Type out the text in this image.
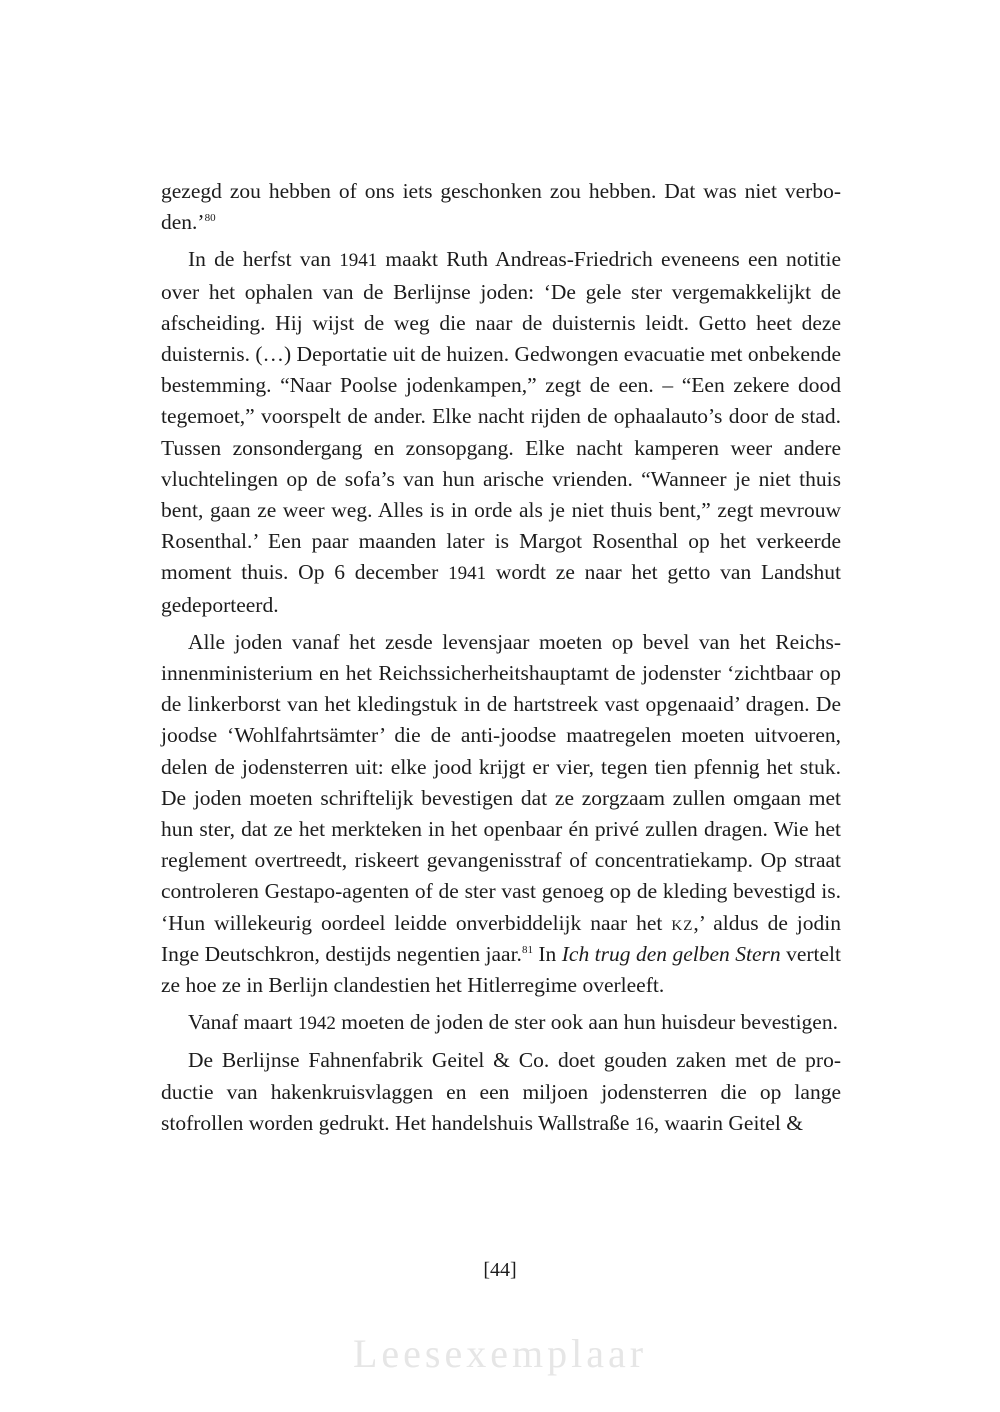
Leesexemplaar

gezegd zou hebben of ons iets geschonken zou hebben. Dat was niet verboden.’$^{80}$

In de herfst van 1941 maakt Ruth Andreas-Friedrich eveneens een notitie over het ophalen van de Berlijnse joden: ‘De gele ster vergemakkelijkt de afscheiding. Hij wijst de weg die naar de duisternis leidt. Getto heet deze duisternis. (…) Deportatie uit de huizen. Gedwongen evacuatie met onbekende bestemming. “Naar Poolse jodenkampen,” zegt de een. – “Een zekere dood tegemoet,” voorspelt de ander. Elke nacht rijden de ophaalauto’s door de stad. Tussen zonsondergang en zonsopgang. Elke nacht kamperen weer andere vluchtelingen op de sofa’s van hun arische vrienden. “Wanneer je niet thuis bent, gaan ze weer weg. Alles is in orde als je niet thuis bent,” zegt mevrouw Rosenthal.’ Een paar maanden later is Margot Rosenthal op het verkeerde moment thuis. Op 6 december 1941 wordt ze naar het getto van Landshut gedeporteerd.

Alle joden vanaf het zesde levensjaar moeten op bevel van het Reichsinnenministerium en het Reichssicherheitshauptamt de jodenster ‘zichtbaar op de linkerborst van het kledingstuk in de hartstreek vast opgenaaid’ dragen. De joodse ‘Wohlfahrtsämter’ die de anti-joodse maatregelen moeten uitvoeren, delen de jodensterren uit: elke jood krijgt er vier, tegen tien pfennig het stuk. De joden moeten schriftelijk bevestigen dat ze zorgzaam zullen omgaan met hun ster, dat ze het merkteken in het openbaar én privé zullen dragen. Wie het reglement overtreedt, riskeert gevangenisstraf of concentratiekamp. Op straat controleren Gestapo-agenten of de ster vast genoeg op de kleding bevestigd is. ‘Hun willekeurig oordeel leidde onverbiddelijk naar het kz,’ aldus de jodin Inge Deutschkron, destijds negentien jaar.$^{81}$ In Ich trug den gelben Stern vertelt ze hoe ze in Berlijn clandestien het Hitlerregime overleeft.

Vanaf maart 1942 moeten de joden de ster ook aan hun huisdeur bevestigen.

De Berlijnse Fahnenfabrik Geitel & Co. doet gouden zaken met de productie van hakenkruisvlaggen en een miljoen jodensterren die op lange stofrollen worden gedrukt. Het handelshuis Wallstraße 16, waarin Geitel &

[44]
